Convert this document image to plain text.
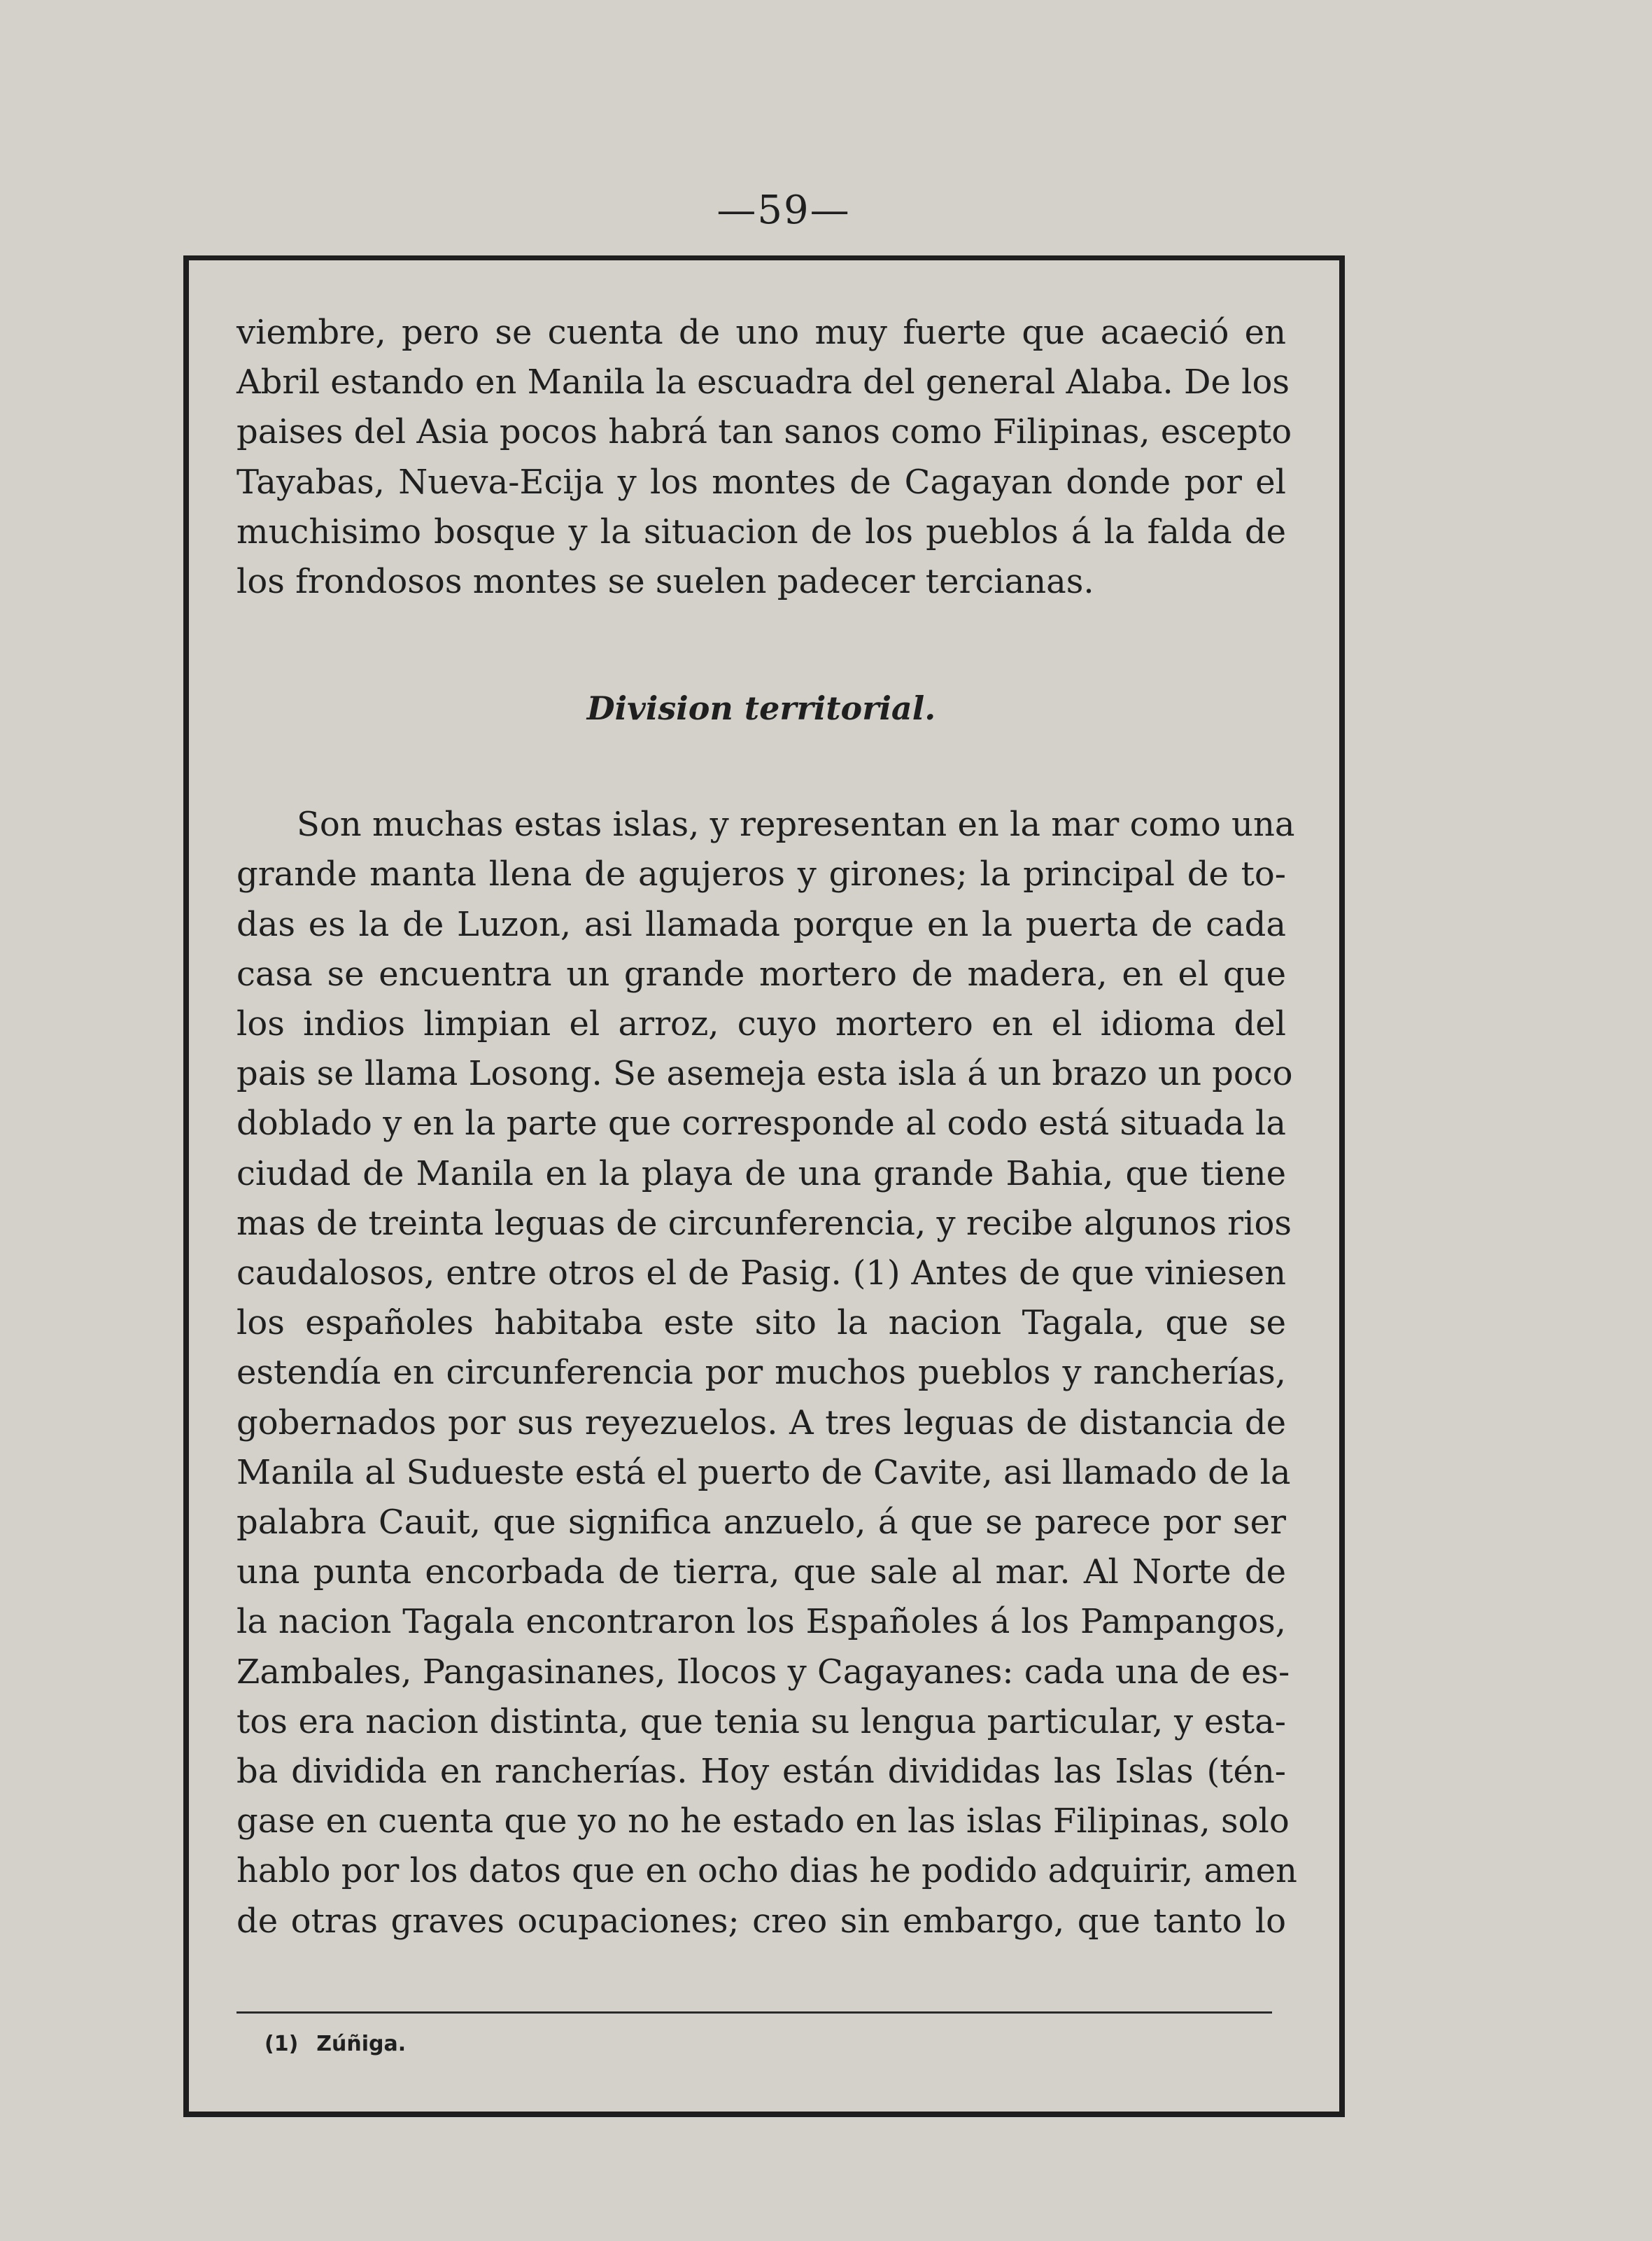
—59—

viembre, pero se cuenta de uno muy fuerte que acaeció en
Abril estando en Manila la escuadra del general Alaba. De los
paises del Asia pocos habrá tan sanos como Filipinas, escepto
Tayabas, Nueva-Ecija y los montes de Cagayan donde por el
muchisimo bosque y la situacion de los pueblos á la falda de
los frondosos montes se suelen padecer tercianas.

Division territorial.

Son muchas estas islas, y representan en la mar como una
grande manta llena de agujeros y girones; la principal de to-
das es la de Luzon, asi llamada porque en la puerta de cada
casa se encuentra un grande mortero de madera, en el que
los indios limpian el arroz, cuyo mortero en el idioma del
pais se llama Losong. Se asemeja esta isla á un brazo un poco
doblado y en la parte que corresponde al codo está situada la
ciudad de Manila en la playa de una grande Bahia, que tiene
mas de treinta leguas de circunferencia, y recibe algunos rios
caudalosos, entre otros el de Pasig. (1) Antes de que viniesen
los españoles habitaba este sito la nacion Tagala, que se
estendía en circunferencia por muchos pueblos y rancherías,
gobernados por sus reyezuelos. A tres leguas de distancia de
Manila al Sudueste está el puerto de Cavite, asi llamado de la
palabra Cauit, que significa anzuelo, á que se parece por ser
una punta encorbada de tierra, que sale al mar. Al Norte de
la nacion Tagala encontraron los Españoles á los Pampangos,
Zambales, Pangasinanes, Ilocos y Cagayanes: cada una de es-
tos era nacion distinta, que tenia su lengua particular, y esta-
ba dividida en rancherías. Hoy están divididas las Islas (tén-
gase en cuenta que yo no he estado en las islas Filipinas, solo
hablo por los datos que en ocho dias he podido adquirir, amen
de otras graves ocupaciones; creo sin embargo, que tanto lo

(1) Zúñiga.
